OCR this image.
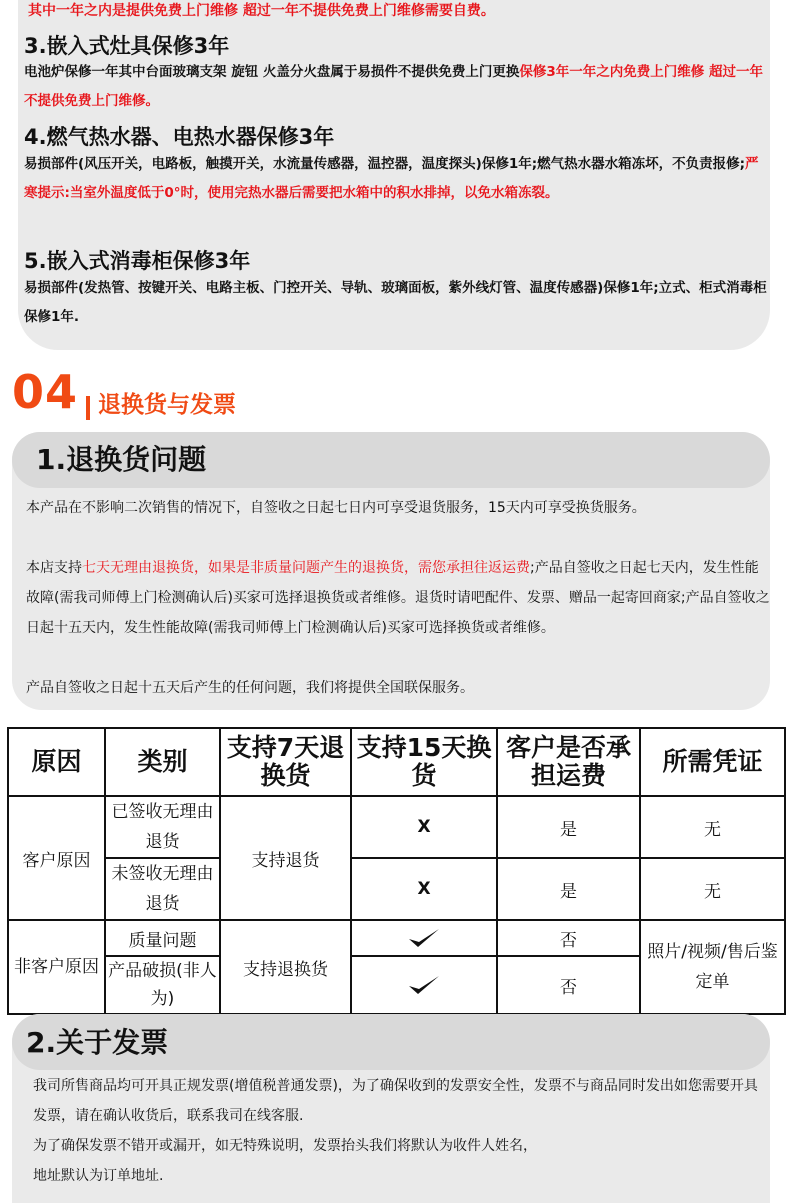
其中一年之内是提供免费上门维修 超过一年不提供免费上门维修需要自费。
3.嵌入式灶具保修3年

电池炉保修一年其中台面玻璃支架 旋钮 火盖分火盘属于易损件不提供免费上门更换保修3年一年之内免费上门维修 超过一年不提供免费上门维修。

4.燃气热水器、电热水器保修3年

易损部件(风压开关，电路板，触摸开关，水流量传感器，温控器，温度探头)保修1年;燃气热水器水箱冻坏，不负责报修;严寒提示:当室外温度低于0°时，使用完热水器后需要把水箱中的积水排掉，以免水箱冻裂。

5.嵌入式消毒柜保修3年

易损部件(发热管、按键开关、电路主板、门控开关、导轨、玻璃面板，紫外线灯管、温度传感器)保修1年;立式、柜式消毒柜保修1年.

04 退换货与发票
1.退换货问题

本产品在不影响二次销售的情况下，自签收之日起七日内可享受退货服务，15天内可享受换货服务。

本店支持七天无理由退换货，如果是非质量问题产生的退换货，需您承担往返运费;产品自签收之日起七天内，发生性能故障(需我司师傅上门检测确认后)买家可选择退换货或者维修。退货时请吧配件、发票、赠品一起寄回商家;产品自签收之日起十五天内，发生性能故障(需我司师傅上门检测确认后)买家可选择换货或者维修。

产品自签收之日起十五天后产生的任何问题，我们将提供全国联保服务。

原因	类别	支持7天退换货	支持15天换货	客户是否承担运费	所需凭证
客户原因	已签收无理由退货	支持退货	X	是	无
	未签收无理由退货		X	是	无
非客户原因	质量问题	支持退换货		否	照片/视频/售后鉴定单
	产品破损(非人为)			否	
2.关于发票

我司所售商品均可开具正规发票(增值税普通发票)，为了确保收到的发票安全性，发票不与商品同时发出如您需要开具发票，请在确认收货后，联系我司在线客服.

为了确保发票不错开或漏开，如无特殊说明，发票抬头我们将默认为收件人姓名，

地址默认为订单地址.
